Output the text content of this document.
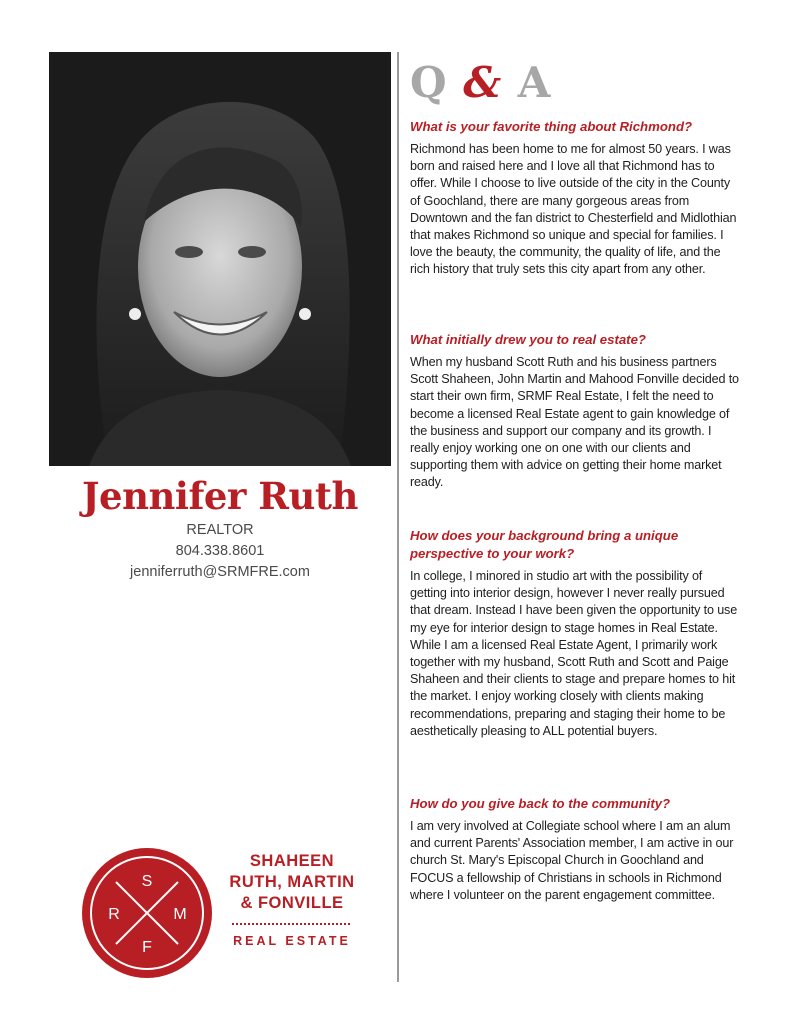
Jennifer Ruth
REALTOR
804.338.8601
jenniferruth@SRMFRE.com
Q & A

What is your favorite thing about Richmond?

Richmond has been home to me for almost 50 years. I was born and raised here and I love all that Richmond has to offer. While I choose to live outside of the city in the County of Goochland, there are many gorgeous areas from Downtown and the fan district to Chesterfield and Midlothian that makes Richmond so unique and special for families. I love the beauty, the community, the quality of life, and the rich history that truly sets this city apart from any other.

What initially drew you to real estate?

When my husband Scott Ruth and his business partners Scott Shaheen, John Martin and Mahood Fonville decided to start their own firm, SRMF Real Estate, I felt the need to become a licensed Real Estate agent to gain knowledge of the business and support our company and its growth. I really enjoy working one on one with our clients and supporting them with advice on getting their home market ready.

How does your background bring a unique perspective to your work?

In college, I minored in studio art with the possibility of getting into interior design, however I never really pursued that dream. Instead I have been given the opportunity to use my eye for interior design to stage homes in Real Estate. While I am a licensed Real Estate Agent, I primarily work together with my husband, Scott Ruth and Scott and Paige Shaheen and their clients to stage and prepare homes to hit the market. I enjoy working closely with clients making recommendations, preparing and staging their home to be aesthetically pleasing to ALL potential buyers.

How do you give back to the community?

I am very involved at Collegiate school where I am an alum and current Parents' Association member, I am active in our church St. Mary's Episcopal Church in Goochland and FOCUS a fellowship of Christians in schools in Richmond where I volunteer on the parent engagement committee.

S
R	M
F
SHAHEEN
RUTH, MARTIN
& FONVILLE
REAL ESTATE
